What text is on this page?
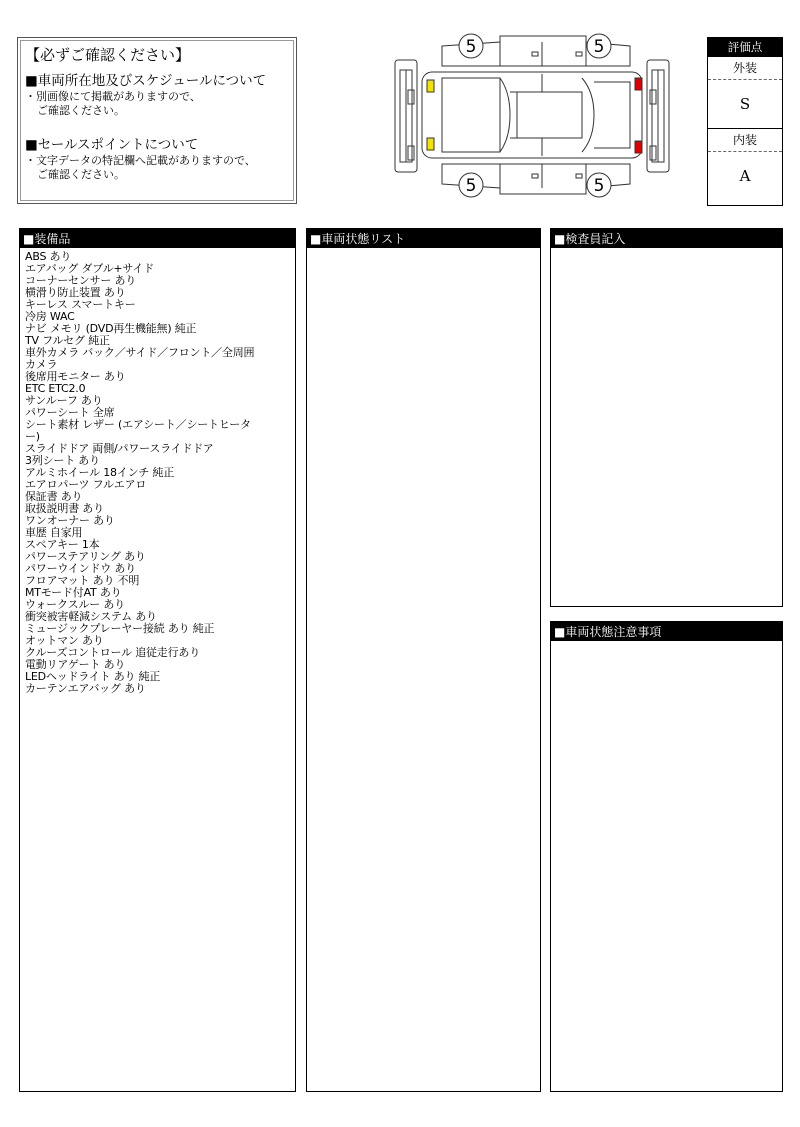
【必ずご確認ください】
■車両所在地及びスケジュールについて
・別画像にて掲載がありますので、
ご確認ください。
■セールスポイントについて
・文字データの特記欄へ記載がありますので、
ご確認ください。
5	5
5	5
評価点
外装
S
内装
A
■装備品
ABS あり
エアバッグ ダブル+サイド
コーナーセンサー あり
横滑り防止装置 あり
キーレス スマートキー
冷房 WAC
ナビ メモリ (DVD再生機能無) 純正
TV フルセグ 純正
車外カメラ バック／サイド／フロント／全周囲
カメラ
後席用モニター あり
ETC ETC2.0
サンルーフ あり
パワーシート 全席
シート素材 レザー (エアシート／シートヒータ
ー)
スライドドア 両側/パワースライドドア
3列シート あり
アルミホイール 18インチ 純正
エアロパーツ フルエアロ
保証書 あり
取扱説明書 あり
ワンオーナー あり
車歴 自家用
スペアキー 1本
パワーステアリング あり
パワーウインドウ あり
フロアマット あり 不明
MTモード付AT あり
ウォークスルー あり
衝突被害軽減システム あり
ミュージックプレーヤー接続 あり 純正
オットマン あり
クルーズコントロール 追従走行あり
電動リアゲート あり
LEDヘッドライト あり 純正
カーテンエアバッグ あり
■車両状態リスト	■検査員記入
■車両状態注意事項
